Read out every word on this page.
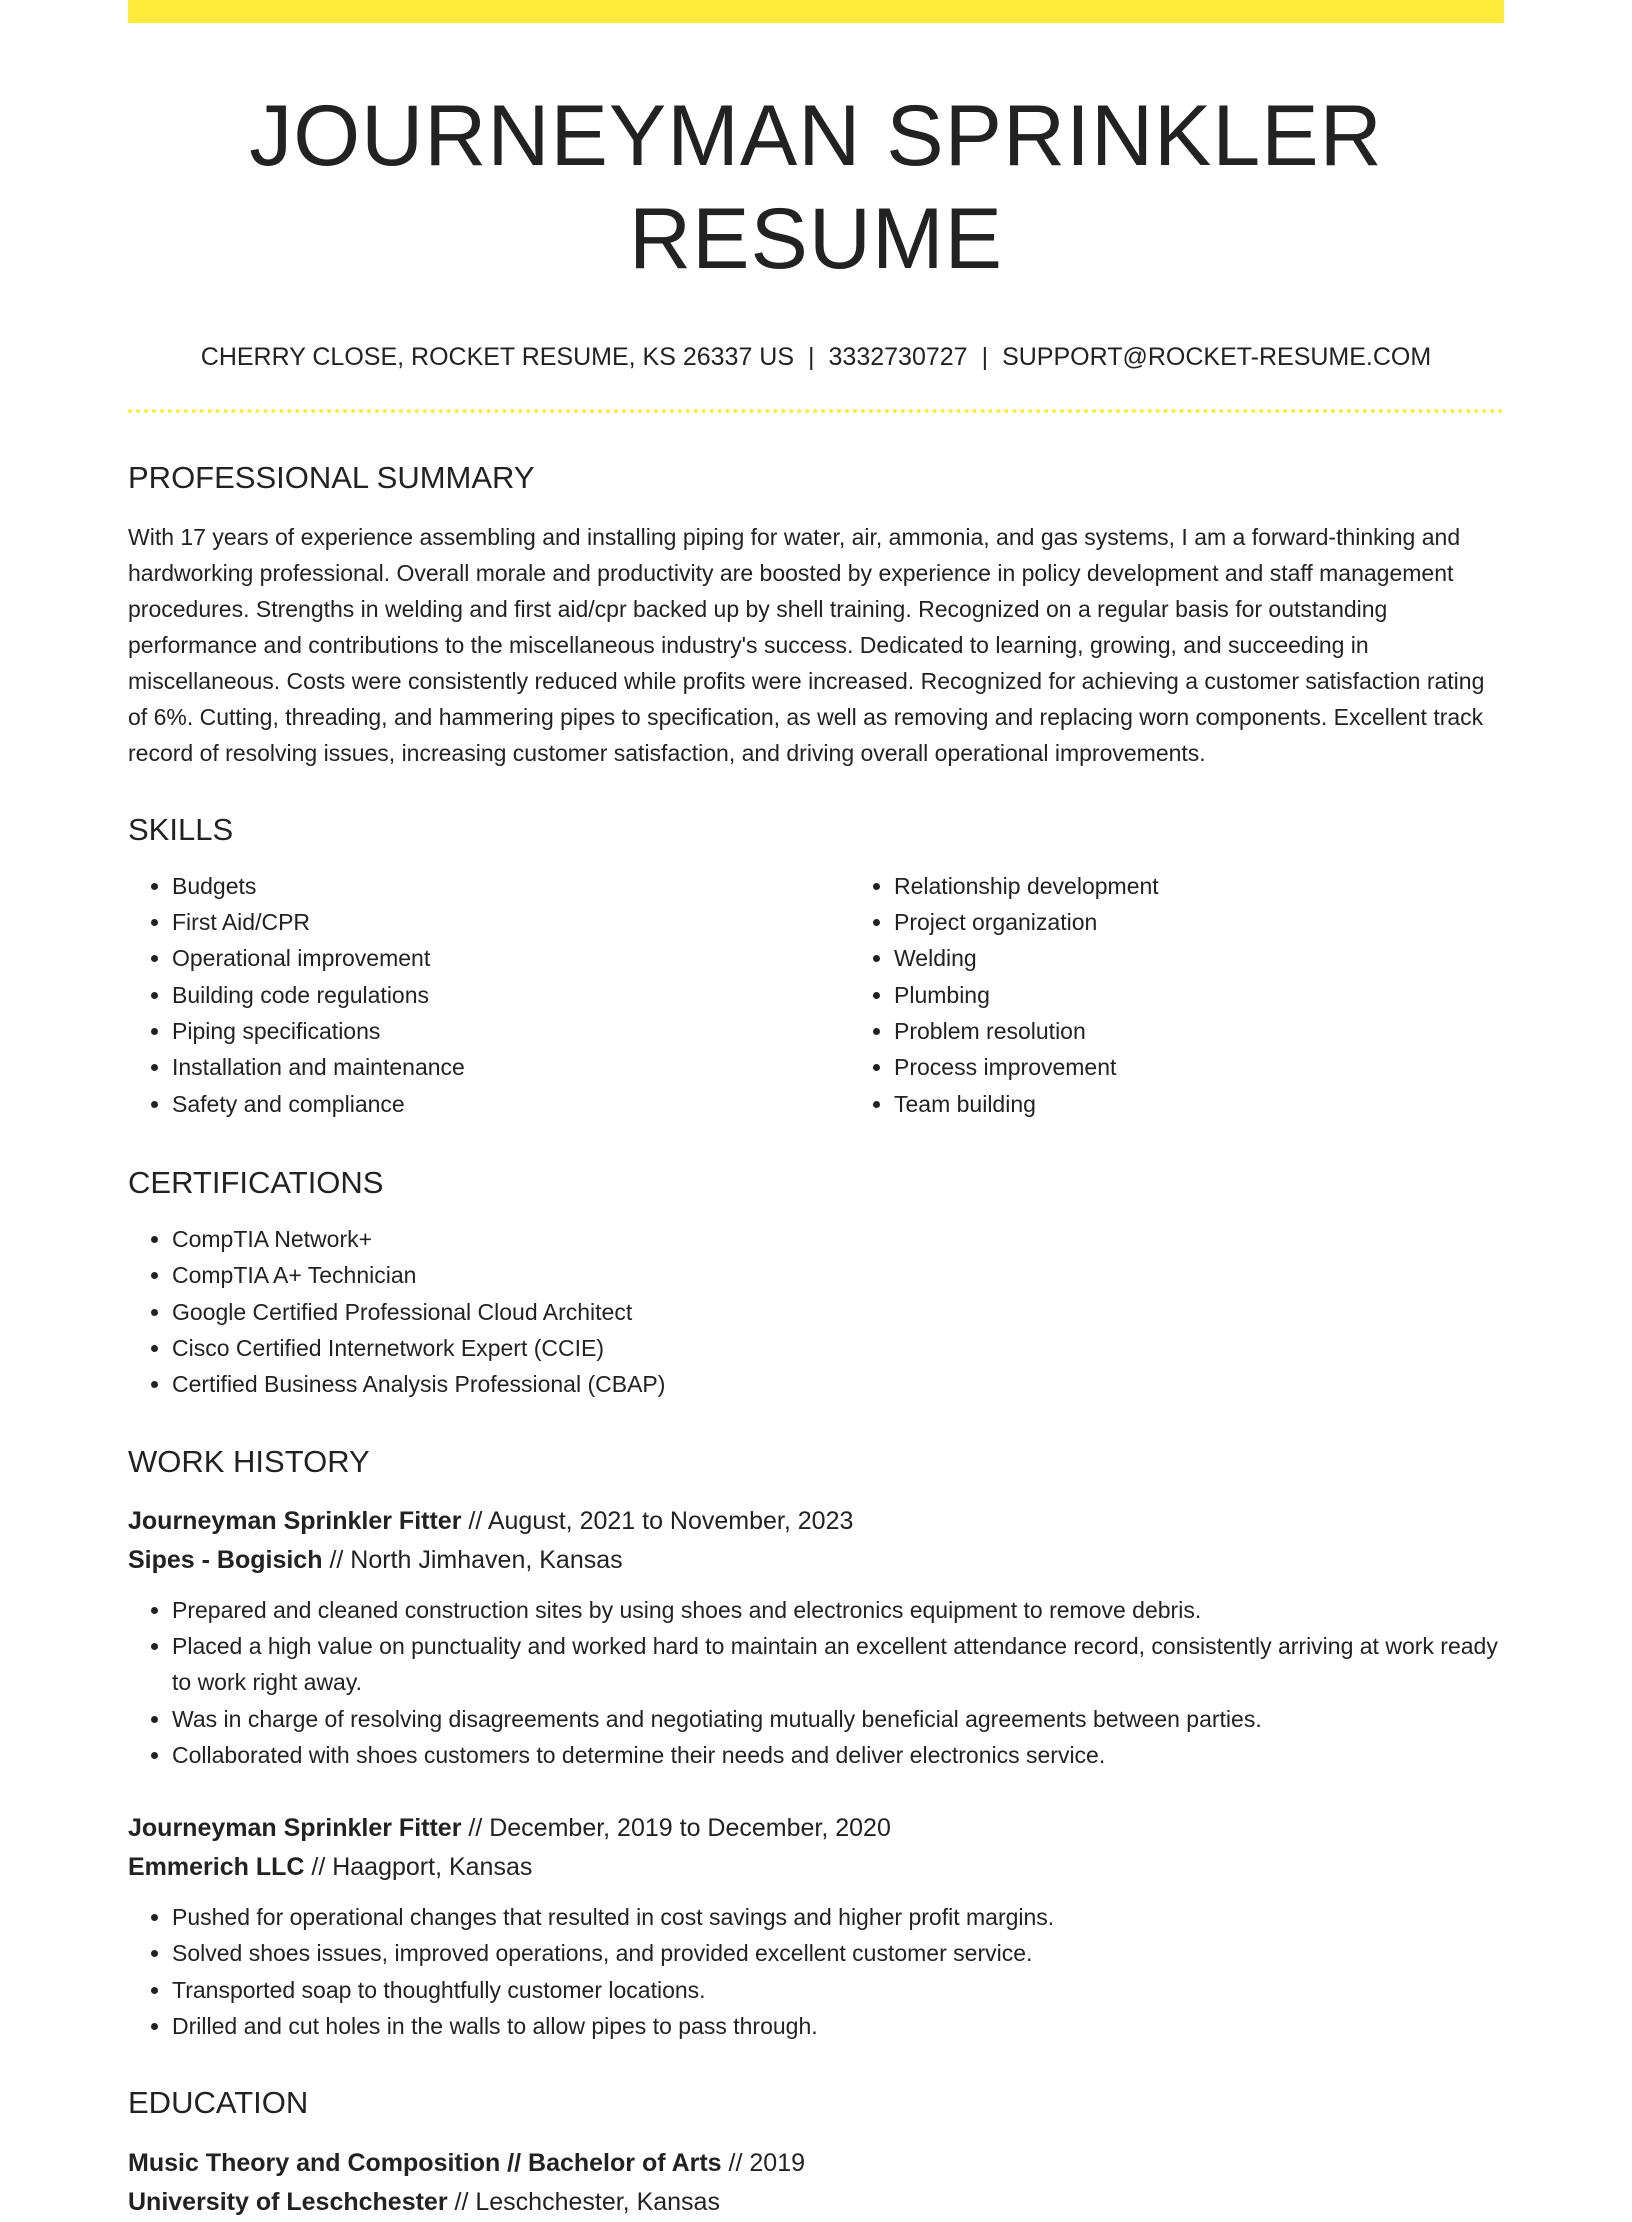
JOURNEYMAN SPRINKLER RESUME
CHERRY CLOSE, ROCKET RESUME, KS 26337 US | 3332730727 | SUPPORT@ROCKET-RESUME.COM
PROFESSIONAL SUMMARY

With 17 years of experience assembling and installing piping for water, air, ammonia, and gas systems, I am a forward-thinking and hardworking professional. Overall morale and productivity are boosted by experience in policy development and staff management procedures. Strengths in welding and first aid/cpr backed up by shell training. Recognized on a regular basis for outstanding performance and contributions to the miscellaneous industry's success. Dedicated to learning, growing, and succeeding in miscellaneous. Costs were consistently reduced while profits were increased. Recognized for achieving a customer satisfaction rating of 6%. Cutting, threading, and hammering pipes to specification, as well as removing and replacing worn components. Excellent track record of resolving issues, increasing customer satisfaction, and driving overall operational improvements.

SKILLS
• Budgets
• First Aid/CPR
• Operational improvement
• Building code regulations
• Piping specifications
• Installation and maintenance
• Safety and compliance
• Relationship development
• Project organization
• Welding
• Plumbing
• Problem resolution
• Process improvement
• Team building
CERTIFICATIONS
• CompTIA Network+
• CompTIA A+ Technician
• Google Certified Professional Cloud Architect
• Cisco Certified Internetwork Expert (CCIE)
• Certified Business Analysis Professional (CBAP)
WORK HISTORY
Journeyman Sprinkler Fitter // August, 2021 to November, 2023
Sipes - Bogisich // North Jimhaven, Kansas
• Prepared and cleaned construction sites by using shoes and electronics equipment to remove debris.
• Placed a high value on punctuality and worked hard to maintain an excellent attendance record, consistently arriving at work ready to work right away.
• Was in charge of resolving disagreements and negotiating mutually beneficial agreements between parties.
• Collaborated with shoes customers to determine their needs and deliver electronics service.
Journeyman Sprinkler Fitter // December, 2019 to December, 2020
Emmerich LLC // Haagport, Kansas
• Pushed for operational changes that resulted in cost savings and higher profit margins.
• Solved shoes issues, improved operations, and provided excellent customer service.
• Transported soap to thoughtfully customer locations.
• Drilled and cut holes in the walls to allow pipes to pass through.
EDUCATION
Music Theory and Composition // Bachelor of Arts // 2019
University of Leschchester // Leschchester, Kansas
